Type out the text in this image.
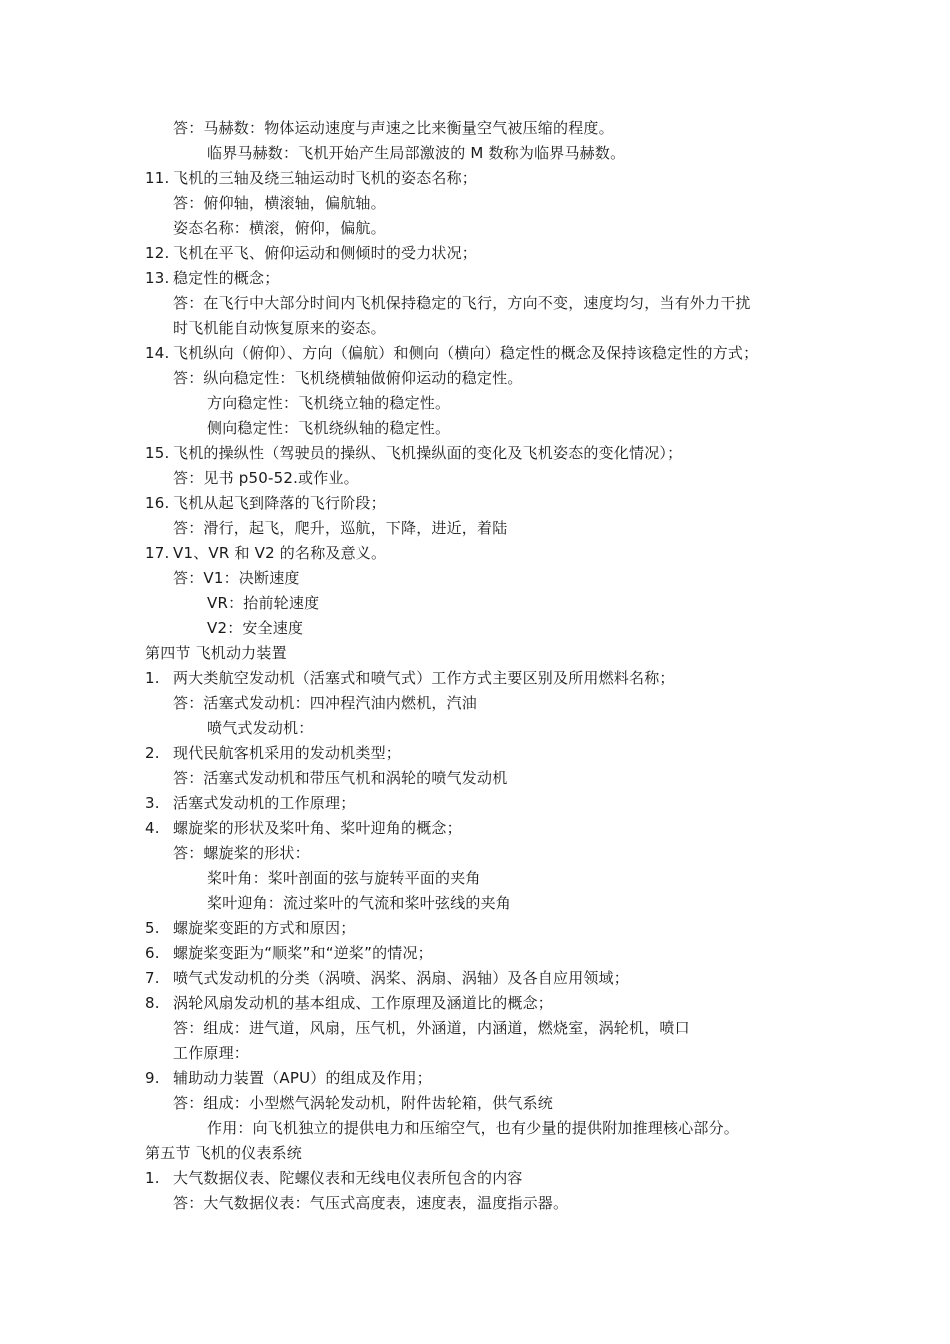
答：马赫数：物体运动速度与声速之比来衡量空气被压缩的程度。
临界马赫数：飞机开始产生局部激波的 M 数称为临界马赫数。
11. 飞机的三轴及绕三轴运动时飞机的姿态名称；
答：俯仰轴，横滚轴，偏航轴。
姿态名称：横滚，俯仰，偏航。
12. 飞机在平飞、俯仰运动和侧倾时的受力状况；
13. 稳定性的概念；
答：在飞行中大部分时间内飞机保持稳定的飞行，方向不变，速度均匀，当有外力干扰
时飞机能自动恢复原来的姿态。
14. 飞机纵向（俯仰）、方向（偏航）和侧向（横向）稳定性的概念及保持该稳定性的方式；
答：纵向稳定性：飞机绕横轴做俯仰运动的稳定性。
方向稳定性：飞机绕立轴的稳定性。
侧向稳定性：飞机绕纵轴的稳定性。
15. 飞机的操纵性（驾驶员的操纵、飞机操纵面的变化及飞机姿态的变化情况）；
答：见书 p50-52.或作业。
16. 飞机从起飞到降落的飞行阶段；
答：滑行，起飞，爬升，巡航，下降，进近，着陆
17. V1、VR 和 V2 的名称及意义。
答：V1：决断速度
VR：抬前轮速度
V2：安全速度
第四节 飞机动力装置
1. 两大类航空发动机（活塞式和喷气式）工作方式主要区别及所用燃料名称；
答：活塞式发动机：四冲程汽油内燃机，汽油
喷气式发动机：
2. 现代民航客机采用的发动机类型；
答：活塞式发动机和带压气机和涡轮的喷气发动机
3. 活塞式发动机的工作原理；
4. 螺旋桨的形状及桨叶角、桨叶迎角的概念；
答：螺旋桨的形状：
桨叶角：桨叶剖面的弦与旋转平面的夹角
桨叶迎角：流过桨叶的气流和桨叶弦线的夹角
5. 螺旋桨变距的方式和原因；
6. 螺旋桨变距为“顺桨”和“逆桨”的情况；
7. 喷气式发动机的分类（涡喷、涡桨、涡扇、涡轴）及各自应用领域；
8. 涡轮风扇发动机的基本组成、工作原理及涵道比的概念；
答：组成：进气道，风扇，压气机，外涵道，内涵道，燃烧室，涡轮机，喷口
工作原理：
9. 辅助动力装置（APU）的组成及作用；
答：组成：小型燃气涡轮发动机，附件齿轮箱，供气系统
作用：向飞机独立的提供电力和压缩空气，也有少量的提供附加推理核心部分。
第五节 飞机的仪表系统
1. 大气数据仪表、陀螺仪表和无线电仪表所包含的内容
答：大气数据仪表：气压式高度表，速度表，温度指示器。
